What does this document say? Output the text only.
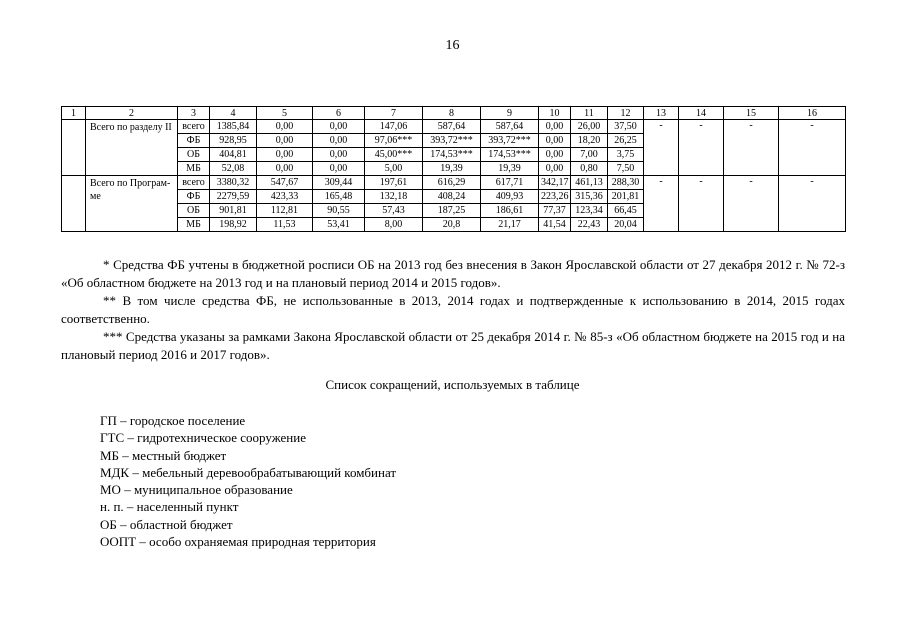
16
1	2	3	4	5	6	7	8	9	10	11	12	13	14	15	16
	Всего по разделу II	всего	1385,84	0,00	0,00	147,06	587,64	587,64	0,00	26,00	37,50	-	-	-	-
		ФБ	928,95	0,00	0,00	97,06***	393,72***	393,72***	0,00	18,20	26,25				
		ОБ	404,81	0,00	0,00	45,00***	174,53***	174,53***	0,00	7,00	3,75				
		МБ	52,08	0,00	0,00	5,00	19,39	19,39	0,00	0,80	7,50				
	Всего по Програм-ме	всего	3380,32	547,67	309,44	197,61	616,29	617,71	342,17	461,13	288,30	-	-	-	-
		ФБ	2279,59	423,33	165,48	132,18	408,24	409,93	223,26	315,36	201,81				
		ОБ	901,81	112,81	90,55	57,43	187,25	186,61	77,37	123,34	66,45				
		МБ	198,92	11,53	53,41	8,00	20,8	21,17	41,54	22,43	20,04				

* Средства ФБ учтены в бюджетной росписи ОБ на 2013 год без внесения в Закон Ярославской области от 27 декабря 2012 г. № 72-з «Об областном бюджете на 2013 год и на плановый период 2014 и 2015 годов».

** В том числе средства ФБ, не использованные в 2013, 2014 годах и подтвержденные к использованию в 2014, 2015 годах соответственно.

*** Средства указаны за рамками Закона Ярославской области от 25 декабря 2014 г. № 85-з «Об областном бюджете на 2015 год и на плановый период 2016 и 2017 годов».

Список сокращений, используемых в таблице
ГП – городское поселение
ГТС – гидротехническое сооружение
МБ – местный бюджет
МДК – мебельный деревообрабатывающий комбинат
МО – муниципальное образование
н. п. – населенный пункт
ОБ – областной бюджет
ООПТ – особо охраняемая природная территория
